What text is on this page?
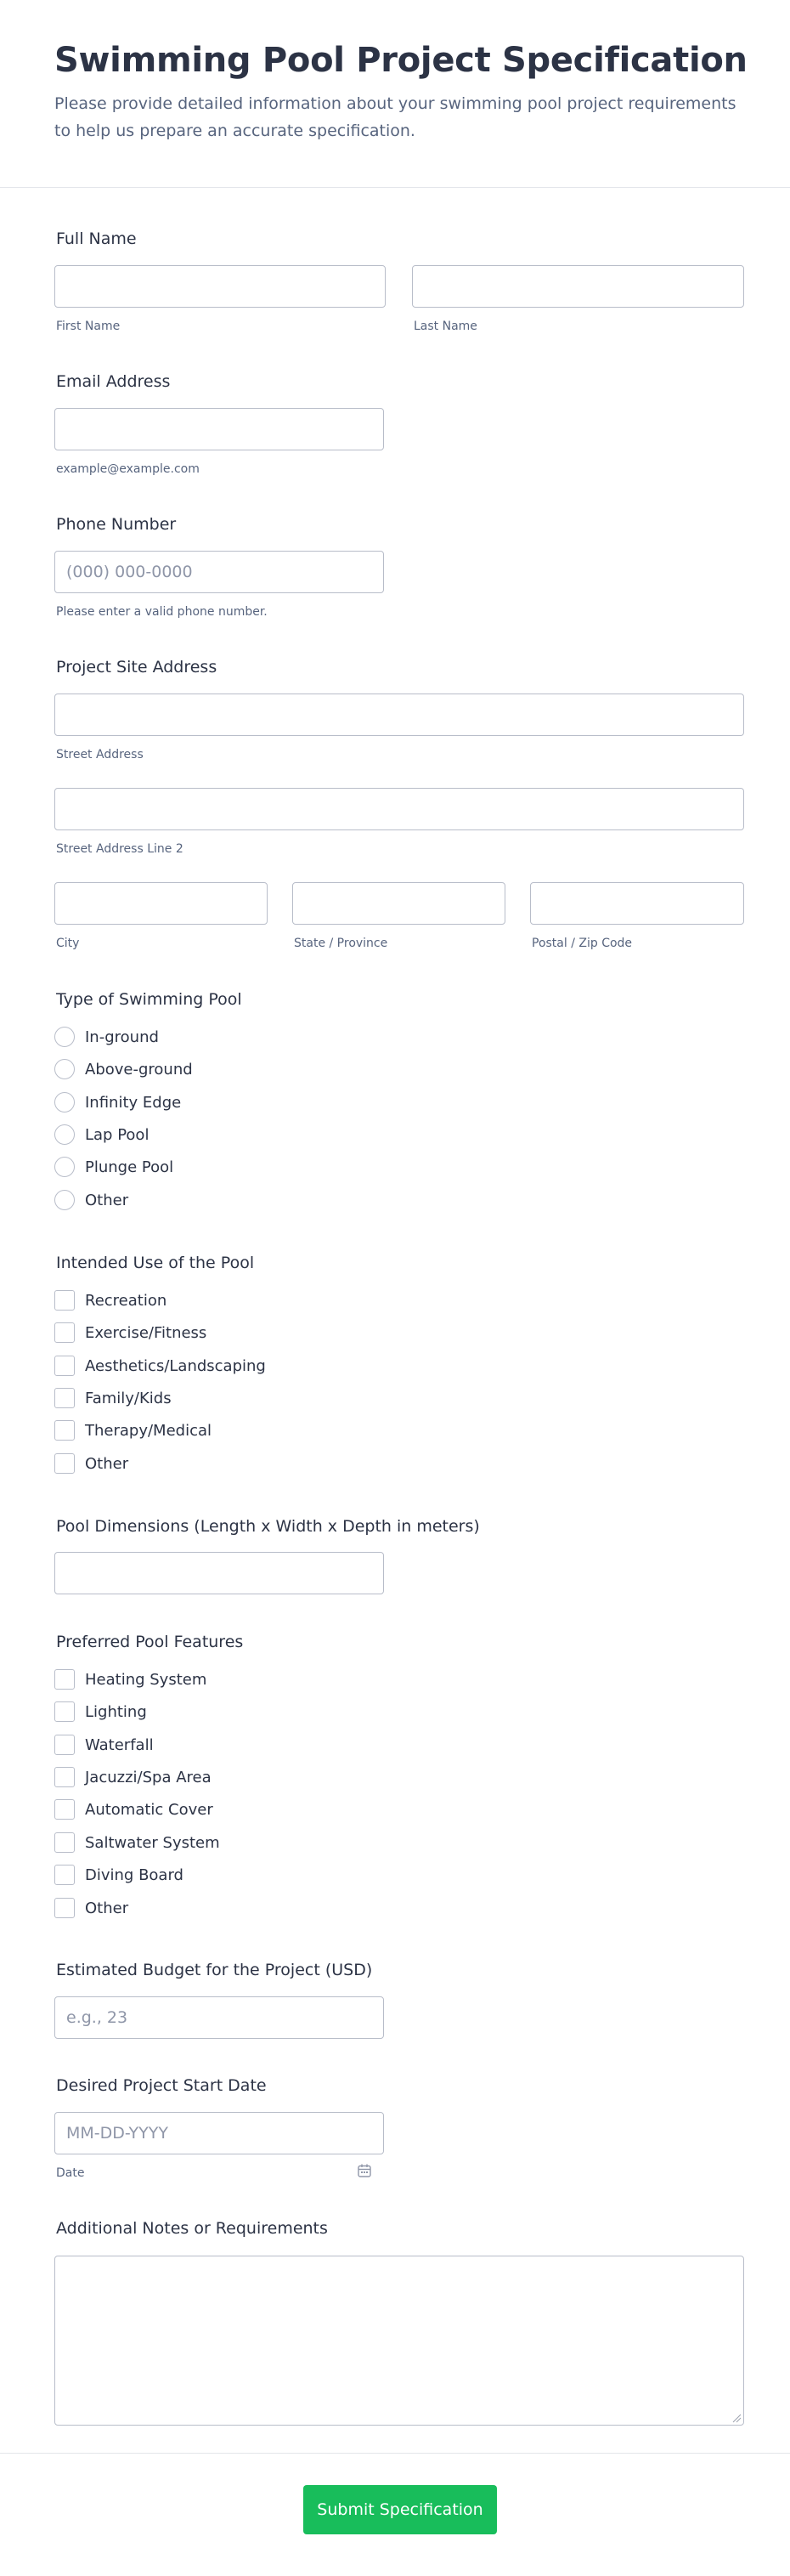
Swimming Pool Project Specification
Please provide detailed information about your swimming pool project requirements to help us prepare an accurate specification.
Full Name
First Name	Last Name
Email Address
example@example.com
Phone Number
(000) 000-0000
Please enter a valid phone number.
Project Site Address
Street Address
Street Address Line 2
City	State / Province	Postal / Zip Code
Type of Swimming Pool
In-ground
Above-ground
Infinity Edge
Lap Pool
Plunge Pool
Other
Intended Use of the Pool
Recreation
Exercise/Fitness
Aesthetics/Landscaping
Family/Kids
Therapy/Medical
Other
Pool Dimensions (Length x Width x Depth in meters)
Preferred Pool Features
Heating System
Lighting
Waterfall
Jacuzzi/Spa Area
Automatic Cover
Saltwater System
Diving Board
Other
Estimated Budget for the Project (USD)
e.g., 23
Desired Project Start Date
MM-DD-YYYY
Date
Additional Notes or Requirements
Submit Specification
